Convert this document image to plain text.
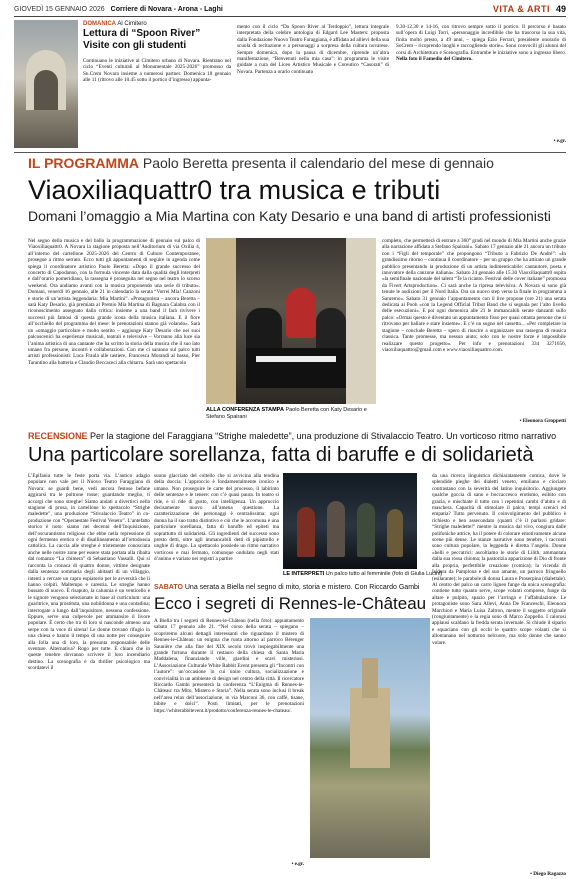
GIOVEDÌ 15 GENNAIO 2026 Corriere di Novara - Arona - Laghi	VITA & ARTI 49
DOMANICA Al Cimitero
Lettura di “Spoon River”
Visite con gli studenti
Continuano le iniziative al Cimitero urbano di Novara. Rientrano nel ciclo “Eventi culturali al Monumentale 2025-2026” promosso da Sn.Crem Novara insieme a numerosi partner. Domenica 18 gennaio alle 11 (ritrovo alle 10.45 sotto il portico d’ingresso) appunta-
mento con il ciclo “Da Spoon River al Terdoppio”, lettura integrale interpretata della celebre antologia di Edgard Lee Masters: proposta dalla Fondazione Nuovo Teatro Faraggiana, è affidata ad allievi della sua scuola di recitazione e a personaggi a sorpresa della cultura novarese. Sempre domenica, dopo la pausa di dicembre, riprende un’altra manifestazione, “Benvenuti nella mia casa”: in programma le visite guidate a cura del Liceo Artistico Musicale e Coreutico “Casorati” di Novara. Partenza a orario continuato
9.30-12.30 e 14-16, con ritrovo sempre sotto il portico. Il percorso è basato sull’opera di Luigi Torri, «personaggio incredibile che ha trascorso la sua vita, finita molto presto, a 49 anni, – spiega Ezio Ferrari, presidente onorario di SoCrem – ricoprendo luoghi e raccogliendo storie». Sono convocili gli alunni del corsi di Architettura e Scenografia. Entrambe le iniziative sono a ingresso libero. Nella foto il Famedio del Cimitero.
• e.gr.
IL PROGRAMMA Paolo Beretta presenta il calendario del mese di gennaio
Viaoxiliaquattr0 tra musica e tributi
Domani l’omaggio a Mia Martina con Katy Desario e una band di artisti professionisti
Nel segno della musica e del ballo la programmazione di gennaio sul palco di Viaoxiliaquattr0. A Novara la stagione proposta nell’Auditorium di via Oxilia 4, all’interno del cartellone 2025-2026 del Centro di Culture Contemporanee, prosegue a ritmo serrato. Ecco tutti gli appuntamenti di seguire in agenda come spiega il coordinatore artistico Paolo Beretta: «Dopo il grande successo del concerto di Capodanno, con la formula vincente data dalla qualità degli interpreti e dall’orario pomeridiano, la rassegna è proseguita nel segno nel teatro lo scorso weekend. Ora andiamo avanti con la musica proponendo una serie di tributo». Domani, venerdì 16 gennaio, alle 21 in calendario la serata “Vorrei Mia! Canzoni e storie di un’artista leggendaria: Mia Martini”. «Protagonista – ancora Beretta – sarà Katy Desario, già premiata al Premio Mia Martina di Bagnara Calabra con il riconoscimento assegnato dalla critica: insieme a una band il farà rivivere i successi più famosi di questa grande icona della musica italiana. E il fiore all’occhiello del programma del mese: le prenotazioni stanno già volando». Sarà un «omaggio particolare e molto sentito – aggiunge Katy Desario che nei suoi palcoscenici ha esperienze musicali, teatrali e televisive – Vorranno alla luce sia l’anima artistica di una cantante che ha scritto la storia della musica che il suo lato umano fra persone, incontri e collaborazioni. Con me ci saranno sul palco tutti artisti professionisti: Luca Fraula alle tastiere, Francesca Morandi al basso, Pier Tarantino alla batteria e Claudio Beccaceci alla chitarra. Sarà uno spettacolo
ALLA CONFERENZA STAMPA Paolo Beretta con Katy Desario e Stefano Spairani
completo, che permetterà di entrare a 360° gradi nel mondo di Mia Martini anche grazie alla narrazione affidata a Stefano Spairani». Sabato 17 gennaio alle 21 ancora un tributo con i “Figli del temporale” che propongono “Tributo a Fabrizio De André”: «In grandissimo ritorno – continua il coordinatore – per un gruppo che ha attirato un grande pubblico presentando la produzione di un artista indimenticabile: cantautore, poeta e innovatore della canzone italiana». Sabato 24 gennaio alle 15.30 Viaoxiliaquattr0 ospita «la semifinale nazionale del talent “Te la ricanto. Festival delle cover italiane” promossa da Fivert Artsproduction». Ci sarà anche la ripresa televisiva. A Novara si sono già tenute le audizioni per il Nord Italia. Ora un nuovo step verso la finale in programma a Sanremo». Sabato 31 gennaio l’appuntamento con il live propone (ore 21) una serata dedicata ai Pooh «con la Legend Official Tribut Band che si segnala per l’alto livello delle esecuzioni». E poi ogni domenica alle 21 le immancabili serate danzanti sullo palco: «Ormai questo è diventato un appuntamento fisso per quasi ottanta persone che si ritrovano per ballare e stare insieme». E c’è un sogno nel cassetto... «Per completare la stagione – conclude Beretta – spero di riuscire a organizzare una rassegna di musica classica. Tante promesse, ma nessun aiuto; solo con le nostre forze è impossibile realizzare questo progetto». Per info e prenotazioni 334 3271656, viaoxiliaquattro@gmail.com e www.viaoxiliaquattro.com.
• Eleonora Groppetti
RECENSIONE Per la stagione del Faraggiana “Strighe maledette”, una produzione di Stivalaccio Teatro. Un vorticoso ritmo narrativo
Una particolare sorellanza, fatta di baruffe e di solidarietà
L’Epifania tutte le feste porta via. L’antico adagio popolare non vale per il Nuovo Teatro Faraggiana di Novara: se guardi bene, vedi ancora festose befane aggirarsi tra le poltrone rosse; guardando meglio, ti accorgi che sono streghe! Siamo andati a divertirci nella stagione di prosa, in cartellone lo spettacolo “Strighe maledette”, una produzione “Stivalaccio Teatro” in co-produzione con “Operaestate Festival Veneto”. L’antefatto storico è noto: siamo nei decenni dell’Inquisizione, dell’oscurantismo religioso che ebbe nella repressione di ogni fermento eretico e di disallineamento all’ortodossia cattolica. La caccia alle streghe è tristemente conosciuta anche nelle nostre zone per essere stata portata alla ribalta dal romanzo “La chimera” di Sebastiano Vassalli. Qui si racconta la cronaca di quattro donne, vittime designate dalla sentenza sommaria degli abitanti di un villaggio, intenti a cercare un capro espiatorio per le avversità che li hanno colpiti. Maltempo e carestia. Le streghe hanno bussato di nuovo. È risaputo, la calunnia è un venticello e le signore vengono selezionate in base al curriculum: una guaritrice, una prostituta, una nobildonna e una contadina; interrogate a lungo dall’inquisitore, nessuna confessione. Eppure, serve una colpevole per ammansire il livore popolare. È certo che tra di loro si nasconde almeno una serpe con la voce di sirena! Le donne trovano rifugio in una chiesa e hanno il tempo di una notte per conseguire alla folla una di loro, la presunta responsabile delle sventure. Alternativa? Rogo per tutte. È chiaro che in queste tenebre dovranno scrivere il loro incendiario destino. La scenografia è da thriller psicologico ma scordatevi il
suono glacciato del coltello che si avvicina alla tendina della doccia. L’approccio è fondamentalmente ironico e umano. Non proseguire le carte del processo, il labirinto delle sentenze e le tenere: con c’è quasi paura. In teatro si ride, e si ride di gusto, con intelligenza. Un approccio decisamente nuovo all’amena questione. La caratterizzazione dei personaggi è centralissima: ogni donna ha il suo tratto distintivo e ciò che le accomuna è una particolare sorellanza, fatta di baruffe ed epiteti ma soprattutto di solidarietà. Gli ingredienti del successo sono presto detti, oltre agli immancabili dettì di pipistrello e unghie di drago. Lo spettacolo possiede un ritmo narrativo vorticoso e mai fermato, comunque ondulato negli stati d’animo e variato nei registri a partire
LE INTERPRETI Un palco tutto al femminile (foto di Giulia Lucini)
da una ricerca linguistica dichiaratamente comica, dove le splendide pieghe dei dialetti veneto, emiliano e ciociaro contrastano con la severità del latino inquisitorio. Aggiungete qualche goccia di sano e boccaccesco erotismo, esibito con grazia, e mischiate il tutto con i repentini cambi d’abito e di maschera. Capacità di stimolare il palco, tempi scenici ed empatia? Tutto pervenuto. Il coinvolgimento del pubblico è richiesto e ben assecondato (quanti c’è il parlarsi gridare: “Strighe maledette!” mentre la musica dal vivo, congiura dalle polifoniche attrice, ha il potere di colorare emotivamente alcune scene più dense. Le stanze narrative sono tenebre, i racconti sono cultura popolare, la leggenda è diretta l’angelo. Donne «belli e peccatrici: ascoltiamo le storie di Lilith, ammantata dalla sua rossa chioma; la pastorizia apparizione di Dio di fronte alla propria, perfettibile creazione (comica); la vicenda di Isidora da Pamplona e del suo amante, un parroco fringuello (esilarante); le parabole di donna Laura e Proserpina (dialettale). Al centro del palco un carro ligneo funge da unica scenografia: contiene tutto quanto serve, scope volanti comprese, funge da altare e pulpito, spazio per l’arringa e l’affabulazione. Le protagoniste sono Sara Allevi, Anna De Franceschi, Eleonora Marchiori e Maria Luisa Zaltron, mentre il soggetto originale (congiuntamente) e la regia sono di Marco Zoppello. I calorosi applausi scaldano la fredda serata invernale. Si chiude il sipario e squaciano con gli occhi le quattro scope volanti che si allontanano nel notturno nelcuore, ma solo donne che sanno volare.
• Diego Ragazzo
SABATO Una serata a Biella nel segno di mito, storia e mistero. Con Riccardo Gambi
Ecco i segreti di Rennes-le-Château
A Biella tra i segreti di Rennes-le-Château (nella foto): appuntamento sabato 17 gennaio alle 21. “Nel corso della serata – spiegano – scopriremo alcuni dettagli interessanti che riguardano il mistero di Rennes-le-Château: un enigma che ruota attorno al parroco Bérenger Saunière che alla fine del XIX secolo trovò inspiegabilmente una grande fortuna durante il restauro della chiesa di Santa Maria Maddalena, finanziando ville, giardini e scavi misteriosi. L’Associazione Culturale White Rabbit Event presenta gli “Incontri con l’autore”: un’occasione in cui unire cultura, socializzazione e convivialità in un ambiente di design nel centro della città. Il ricercatore Riccardo Gambi presenterà la conferenza “L’Enigma di Rennes-le-Château: tra Mito, Mistero e Storia”. Nella serata sono inclusi il break nell’area relax dell’associazione, in via Marconi 36, con caffè, tisane, bibite e dolci”. Posti limitati, per le prenotazioni https://whiterabbitevent.it/prodotto/conferenza-rennes-le-chateau/.
• e.gr.
